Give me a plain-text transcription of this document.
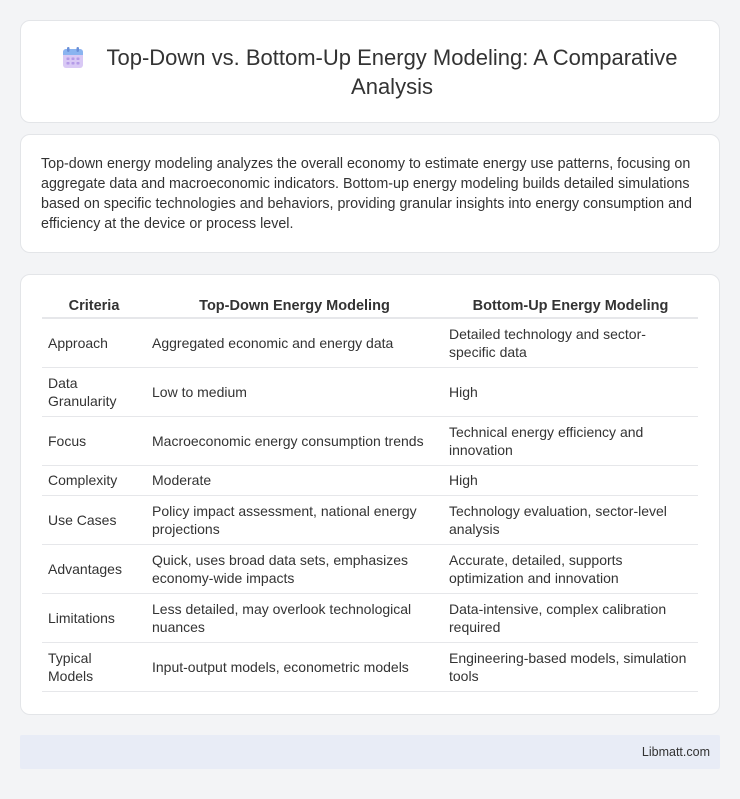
Top-Down vs. Bottom-Up Energy Modeling: A Comparative Analysis

Top-down energy modeling analyzes the overall economy to estimate energy use patterns, focusing on aggregate data and macroeconomic indicators. Bottom-up energy modeling builds detailed simulations based on specific technologies and behaviors, providing granular insights into energy consumption and efficiency at the device or process level.

Criteria	Top-Down Energy Modeling	Bottom-Up Energy Modeling
Approach	Aggregated economic and energy data	Detailed technology and sector-specific data
Data Granularity	Low to medium	High
Focus	Macroeconomic energy consumption trends	Technical energy efficiency and innovation
Complexity	Moderate	High
Use Cases	Policy impact assessment, national energy projections	Technology evaluation, sector-level analysis
Advantages	Quick, uses broad data sets, emphasizes economy-wide impacts	Accurate, detailed, supports optimization and innovation
Limitations	Less detailed, may overlook technological nuances	Data-intensive, complex calibration required
Typical Models	Input-output models, econometric models	Engineering-based models, simulation tools
Libmatt.com
